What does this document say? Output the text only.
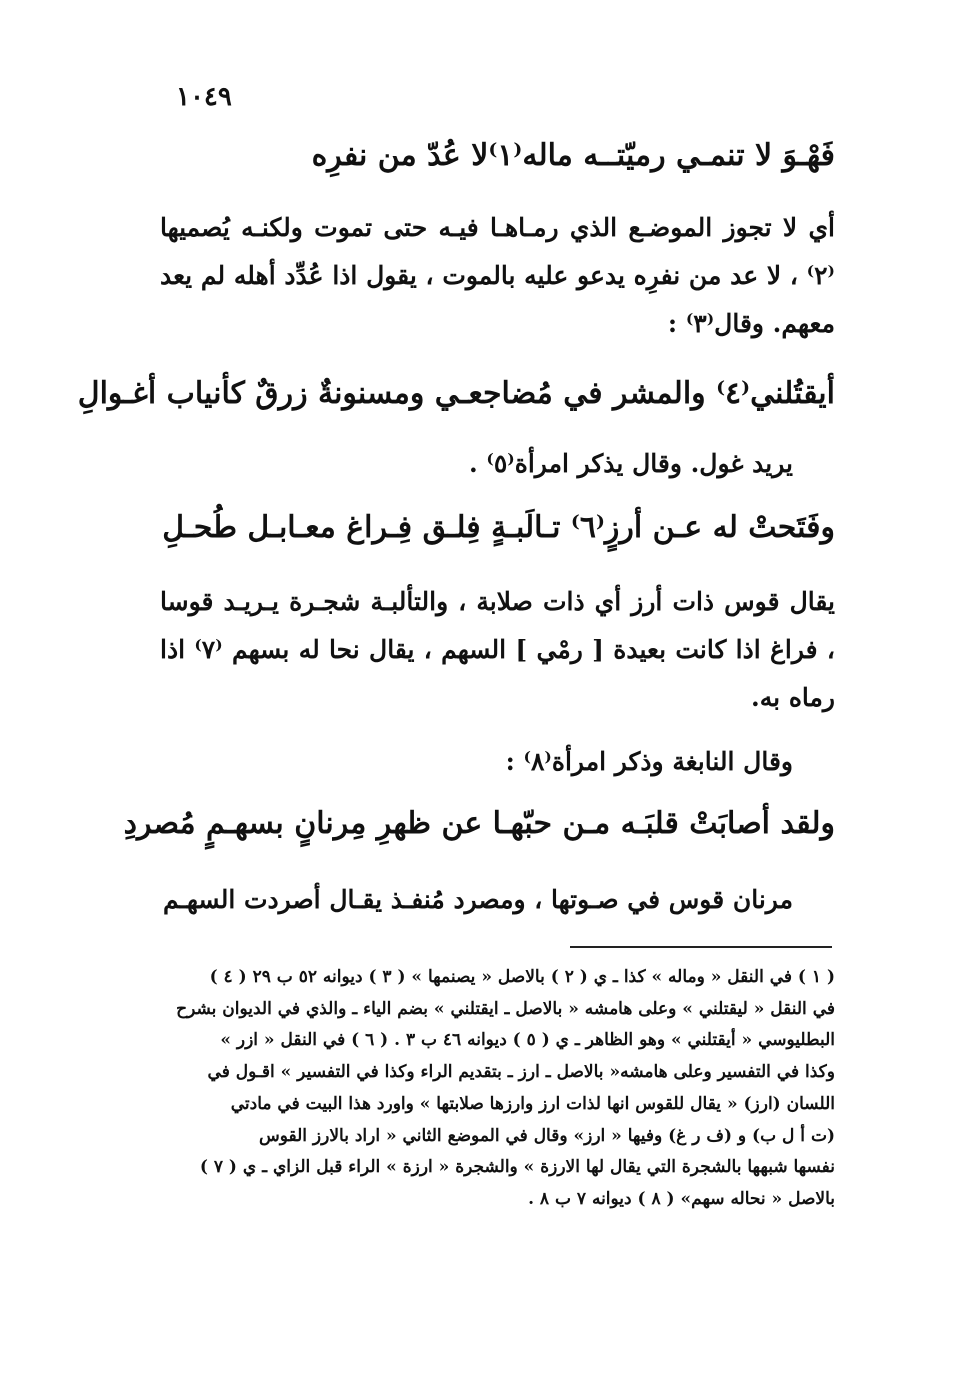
١٠٤٩
فَهْـوَ لا تنمـي رميّتــه ماله⁽١⁾لا عُدّ من نفرِه
أي لا تجوز الموضـع الذي رمـاهـا فيـه حتى تموت ولكنـه يُصميها ⁽٢⁾ ، لا عد من نفرِه يدعو عليه بالموت ، يقول اذا عُدِّد أهله لم يعد معهم. وقال⁽٣⁾ :
أيقتُلني⁽٤⁾ والمشر في مُضاجعـي ومسنونةٌ زرقٌ كأنياب أغـوالِ
يريد غول. وقال يذكر امرأة⁽٥⁾ .
وفَتَحتْ له عـن أرزٍ⁽٦⁾ تـالَبـةٍ فِلـق فِـراغ معـابـل طُحـلِ
يقال قوس ذات أرز أي ذات صلابة ، والتألبـة شجـرة يـريـد قوسا ، فراغ اذا كانت بعيدة [ رمْي ] السهم ، يقال نحا له بسهم ⁽٧⁾ اذا رماه به.
وقال النابغة وذكر امرأة⁽٨⁾ :
ولقد أصابَتْ قلبَـه مـن حبّهـا عن ظهرِ مِرنانٍ بسهـمٍ مُصردِ
مرنان قوس في صـوتها ، ومصرد مُنفـذ يقـال أصردت السهـم
( ١ ) في النقل « وماله » كذا ـ ي ( ٢ ) بالاصل « يصنمها » ( ٣ ) ديوانه ٥٢ ب ٢٩ ( ٤ )
في النقل « ليقتلني » وعلى هامشه « بالاصل ـ ايقتلني » بضم الياء ـ والذي في الديوان بشرح
البطليوسي « أيقتلني » وهو الظاهر ـ ي ( ٥ ) ديوانه ٤٦ ب ٣ . ( ٦ ) في النقل « ازر »
وكذا في التفسير وعلى هامشه« بالاصل ـ ارز ـ بتقديم الراء وكذا في التفسير » اقـول في
اللسان (ارز) « يقال للقوس انها لذات ارز وارزها صلابتها » واورد هذا البيت في مادتي
(ت أ ل ب) و (ف ر غ) وفيها « ارز» وقال في الموضع الثاني « اراد بالارز القوس
نفسها شبهها بالشجرة التي يقال لها الارزة » والشجرة « ارزة » الراء قبل الزاي ـ ي ( ٧ )
بالاصل « نحاله سهم» ( ٨ ) ديوانه ٧ ب ٨ .
